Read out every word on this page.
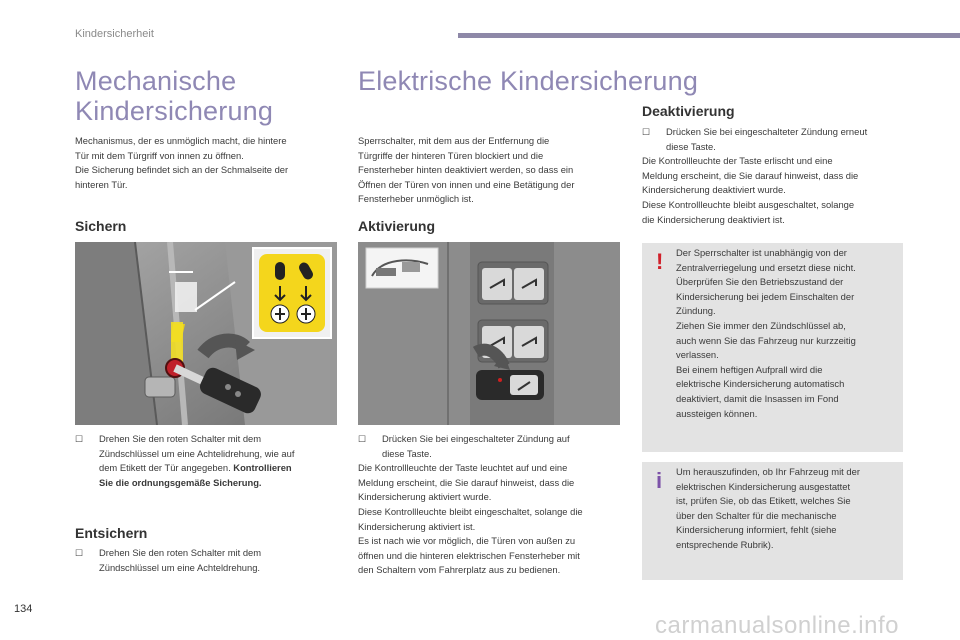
Kindersicherheit
Mechanische
Kindersicherung

Mechanismus, der es unmöglich macht, die hintere

Tür mit dem Türgriff von innen zu öffnen.

Die Sicherung befindet sich an der Schmalseite der

hinteren Tür.

Sichern
☐ Drehen Sie den roten Schalter mit dem
Zündschlüssel um eine Achtelidrehung, wie auf
dem Etikett der Tür angegeben. Kontrollieren
Sie die ordnungsgemäße Sicherung.
Entsichern
☐ Drehen Sie den roten Schalter mit dem
Zündschlüssel um eine Achteldrehung.
Elektrische Kindersicherung

Sperrschalter, mit dem aus der Entfernung die

Türgriffe der hinteren Türen blockiert und die

Fensterheber hinten deaktiviert werden, so dass ein

Öffnen der Türen von innen und eine Betätigung der

Fensterheber unmöglich ist.

Aktivierung
☐ Drücken Sie bei eingeschalteter Zündung auf
diese Taste.

Die Kontrollleuchte der Taste leuchtet auf und eine

Meldung erscheint, die Sie darauf hinweist, dass die

Kindersicherung aktiviert wurde.

Diese Kontrollleuchte bleibt eingeschaltet, solange die

Kindersicherung aktiviert ist.

Es ist nach wie vor möglich, die Türen von außen zu

öffnen und die hinteren elektrischen Fensterheber mit

den Schaltern vom Fahrerplatz aus zu bedienen.

Deaktivierung
☐ Drücken Sie bei eingeschalteter Zündung erneut
diese Taste.

Die Kontrollleuchte der Taste erlischt und eine

Meldung erscheint, die Sie darauf hinweist, dass die

Kindersicherung deaktiviert wurde.

Diese Kontrollleuchte bleibt ausgeschaltet, solange

die Kindersicherung deaktiviert ist.

!	Der Sperrschalter ist unabhängig von der

Zentralverriegelung und ersetzt diese nicht.

Überprüfen Sie den Betriebszustand der

Kindersicherung bei jedem Einschalten der

Zündung.

Ziehen Sie immer den Zündschlüssel ab,

auch wenn Sie das Fahrzeug nur kurzzeitig

verlassen.

Bei einem heftigen Aufprall wird die

elektrische Kindersicherung automatisch

deaktiviert, damit die Insassen im Fond

aussteigen können.

i	Um herauszufinden, ob Ihr Fahrzeug mit der

elektrischen Kindersicherung ausgestattet

ist, prüfen Sie, ob das Etikett, welches Sie

über den Schalter für die mechanische

Kindersicherung informiert, fehlt (siehe

entsprechende Rubrik).

134
carmanualsonline.info
